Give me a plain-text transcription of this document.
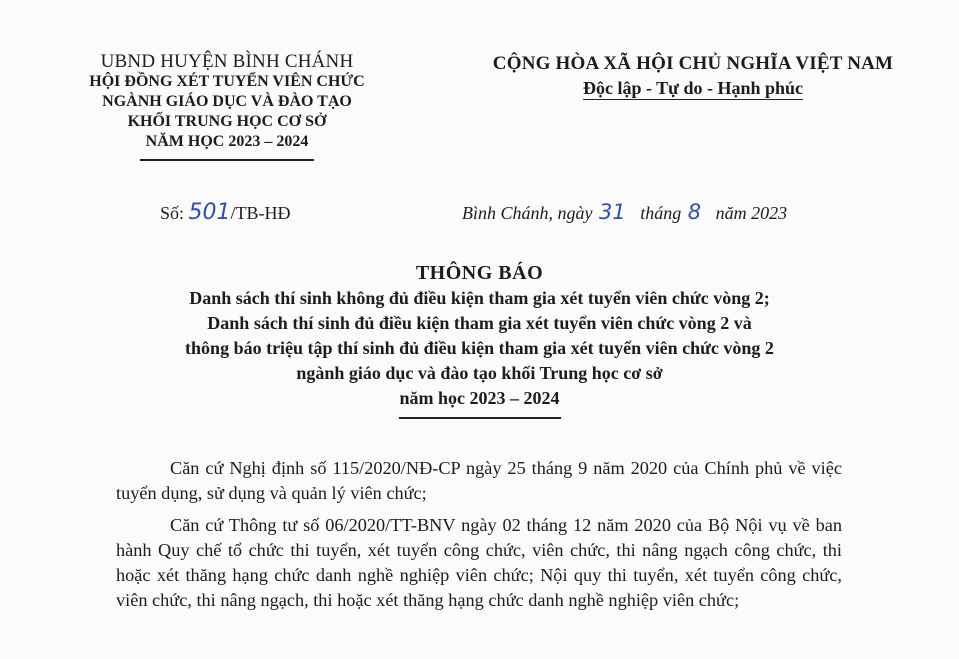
UBND HUYỆN BÌNH CHÁNH
HỘI ĐỒNG XÉT TUYỂN VIÊN CHỨC
NGÀNH GIÁO DỤC VÀ ĐÀO TẠO
KHỐI TRUNG HỌC CƠ SỞ
NĂM HỌC 2023 – 2024
CỘNG HÒA XÃ HỘI CHỦ NGHĨA VIỆT NAM
Độc lập - Tự do - Hạnh phúc
Số: 501/TB-HĐ	Bình Chánh, ngày 31 tháng 8 năm 2023
THÔNG BÁO
Danh sách thí sinh không đủ điều kiện tham gia xét tuyển viên chức vòng 2;
Danh sách thí sinh đủ điều kiện tham gia xét tuyển viên chức vòng 2 và
thông báo triệu tập thí sinh đủ điều kiện tham gia xét tuyển viên chức vòng 2
ngành giáo dục và đào tạo khối Trung học cơ sở
năm học 2023 – 2024

Căn cứ Nghị định số 115/2020/NĐ-CP ngày 25 tháng 9 năm 2020 của Chính phủ về việc tuyển dụng, sử dụng và quản lý viên chức;

Căn cứ Thông tư số 06/2020/TT-BNV ngày 02 tháng 12 năm 2020 của Bộ Nội vụ về ban hành Quy chế tổ chức thi tuyển, xét tuyển công chức, viên chức, thi nâng ngạch công chức, thi hoặc xét thăng hạng chức danh nghề nghiệp viên chức; Nội quy thi tuyển, xét tuyển công chức, viên chức, thi nâng ngạch, thi hoặc xét thăng hạng chức danh nghề nghiệp viên chức;
